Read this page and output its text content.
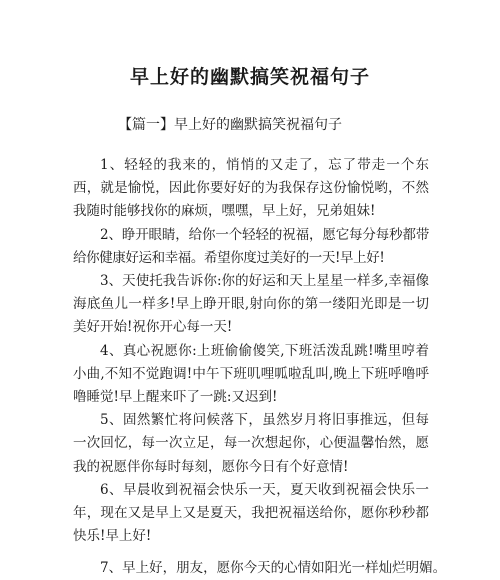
早上好的幽默搞笑祝福句子
【篇一】早上好的幽默搞笑祝福句子

1、轻轻的我来的，悄悄的又走了，忘了带走一个东西，就是愉悦，因此你要好好的为我保存这份愉悦哟，不然我随时能够找你的麻烦，嘿嘿，早上好，兄弟姐妹!

2、睁开眼睛，给你一个轻轻的祝福，愿它每分每秒都带给你健康好运和幸福。希望你度过美好的一天!早上好!

3、天使托我告诉你:你的好运和天上星星一样多,幸福像海底鱼儿一样多!早上睁开眼,射向你的第一缕阳光即是一切美好开始!祝你开心每一天!

4、真心祝愿你:上班偷偷傻笑,下班活泼乱跳!嘴里哼着小曲,不知不觉跑调!中午下班叽哩呱啦乱叫,晚上下班呼噜呼噜睡觉!早上醒来吓了一跳:又迟到!

5、固然繁忙将问候落下，虽然岁月将旧事推远，但每一次回忆，每一次立足，每一次想起你，心便温馨怡然，愿我的祝愿伴你每时每刻，愿你今日有个好意情!

6、早晨收到祝福会快乐一天，夏天收到祝福会快乐一年，现在又是早上又是夏天，我把祝福送给你，愿你秒秒都快乐!早上好!

7、早上好，朋友，愿你今天的心情如阳光一样灿烂明媚。
